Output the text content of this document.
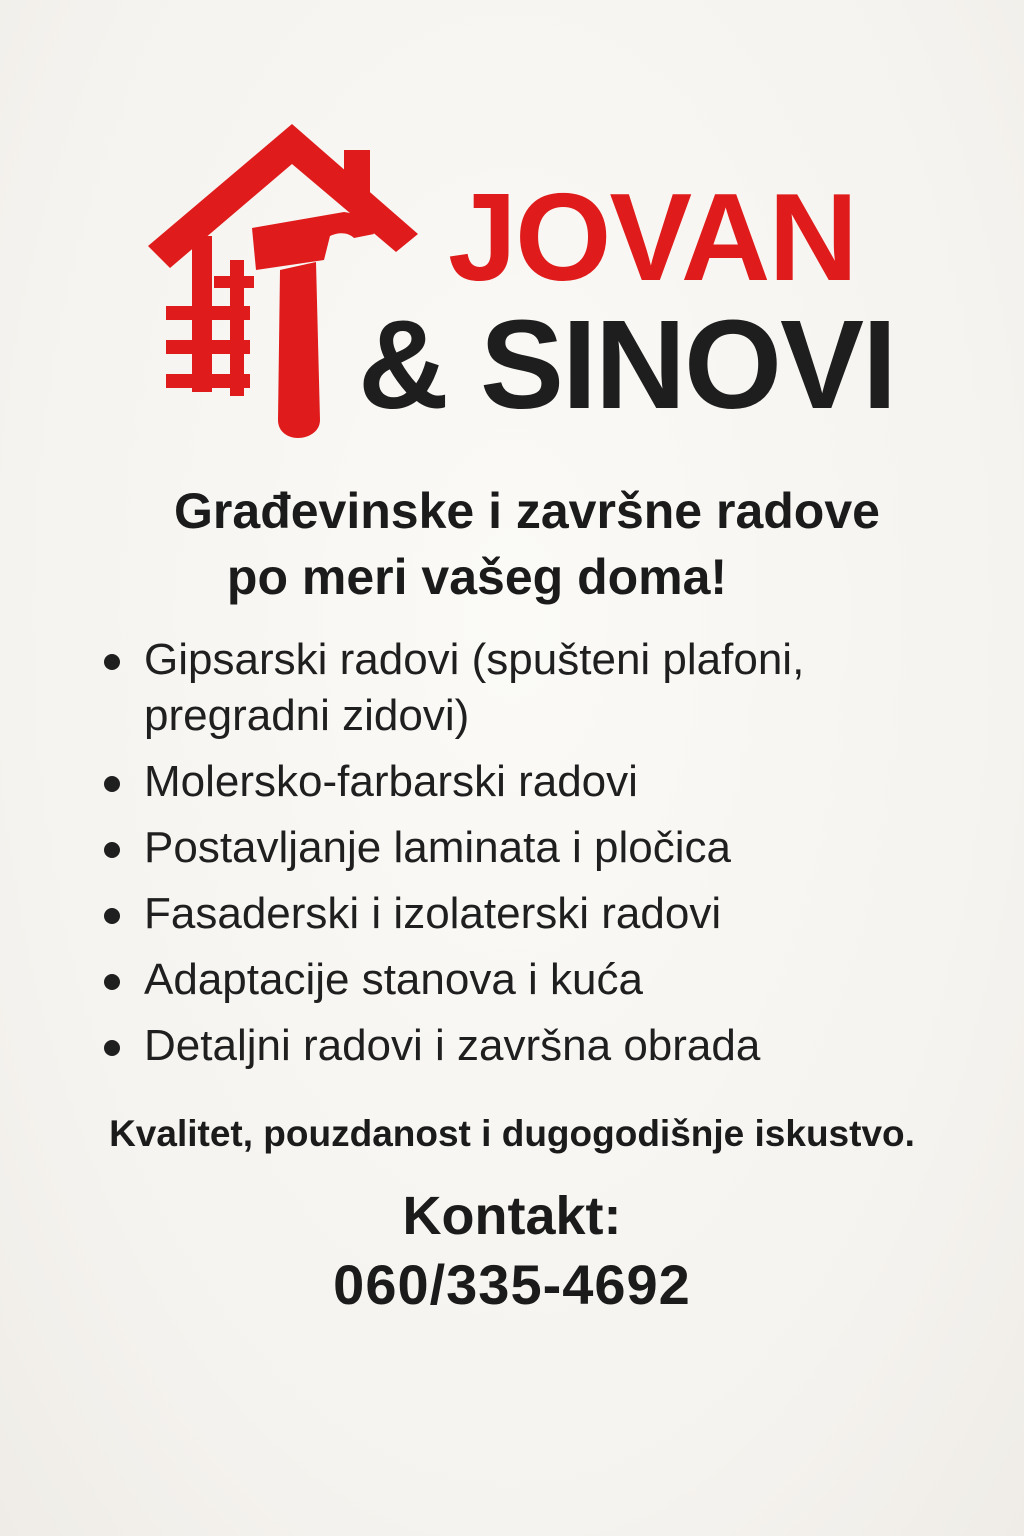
JOVAN
& SINOVI
Građevinske i završne radove
po meri vašeg doma!
Gipsarski radovi (spušteni plafoni,
pregradni zidovi)
Molersko-farbarski radovi
Postavljanje laminata i pločica
Fasaderski i izolaterski radovi
Adaptacije stanova i kuća
Detaljni radovi i završna obrada
Kvalitet, pouzdanost i dugogodišnje iskustvo.
Kontakt:
060/335-4692
